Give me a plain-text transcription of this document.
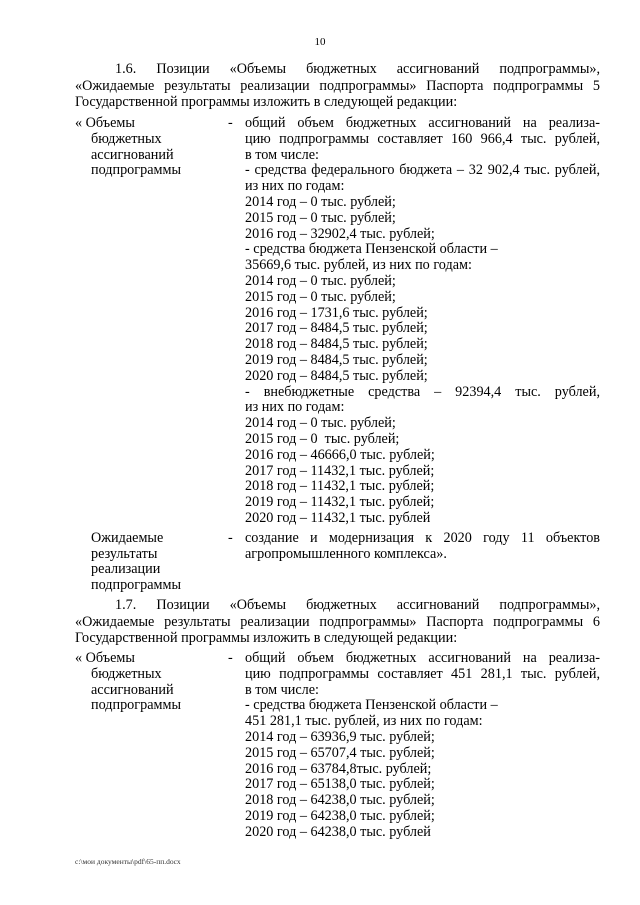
10
1.6. Позиции «Объемы бюджетных ассигнований подпрограммы», «Ожидаемые результаты реализации подпрограммы» Паспорта подпрограммы 5 Государственной программы изложить в следующей редакции:
« Объемы
бюджетных
ассигнований
подпрограммы
- общий объем бюджетных ассигнований на реализа-
цию подпрограммы составляет 160 966,4 тыс. рублей,
в том числе:
- средства федерального бюджета – 32 902,4 тыс. рублей,
из них по годам:
2014 год – 0 тыс. рублей;
2015 год – 0 тыс. рублей;
2016 год – 32902,4 тыс. рублей;
- средства бюджета Пензенской области –
35669,6 тыс. рублей, из них по годам:
2014 год – 0 тыс. рублей;
2015 год – 0 тыс. рублей;
2016 год – 1731,6 тыс. рублей;
2017 год – 8484,5 тыс. рублей;
2018 год – 8484,5 тыс. рублей;
2019 год – 8484,5 тыс. рублей;
2020 год – 8484,5 тыс. рублей;
- внебюджетные средства – 92394,4 тыс. рублей,
из них по годам:
2014 год – 0 тыс. рублей;
2015 год – 0  тыс. рублей;
2016 год – 46666,0 тыс. рублей;
2017 год – 11432,1 тыс. рублей;
2018 год – 11432,1 тыс. рублей;
2019 год – 11432,1 тыс. рублей;
2020 год – 11432,1 тыс. рублей
Ожидаемые
результаты
реализации
подпрограммы
- создание и модернизация к 2020 году 11 объектов
агропромышленного комплекса».
1.7. Позиции «Объемы бюджетных ассигнований подпрограммы», «Ожидаемые результаты реализации подпрограммы» Паспорта подпрограммы 6 Государственной программы изложить в следующей редакции:
« Объемы
бюджетных
ассигнований
подпрограммы
- общий объем бюджетных ассигнований на реализа-
цию подпрограммы составляет 451 281,1 тыс. рублей,
в том числе:
- средства бюджета Пензенской области –
451 281,1 тыс. рублей, из них по годам:
2014 год – 63936,9 тыс. рублей;
2015 год – 65707,4 тыс. рублей;
2016 год – 63784,8тыс. рублей;
2017 год – 65138,0 тыс. рублей;
2018 год – 64238,0 тыс. рублей;
2019 год – 64238,0 тыс. рублей;
2020 год – 64238,0 тыс. рублей
c:\мои документы\pdf\65-пп.docx
